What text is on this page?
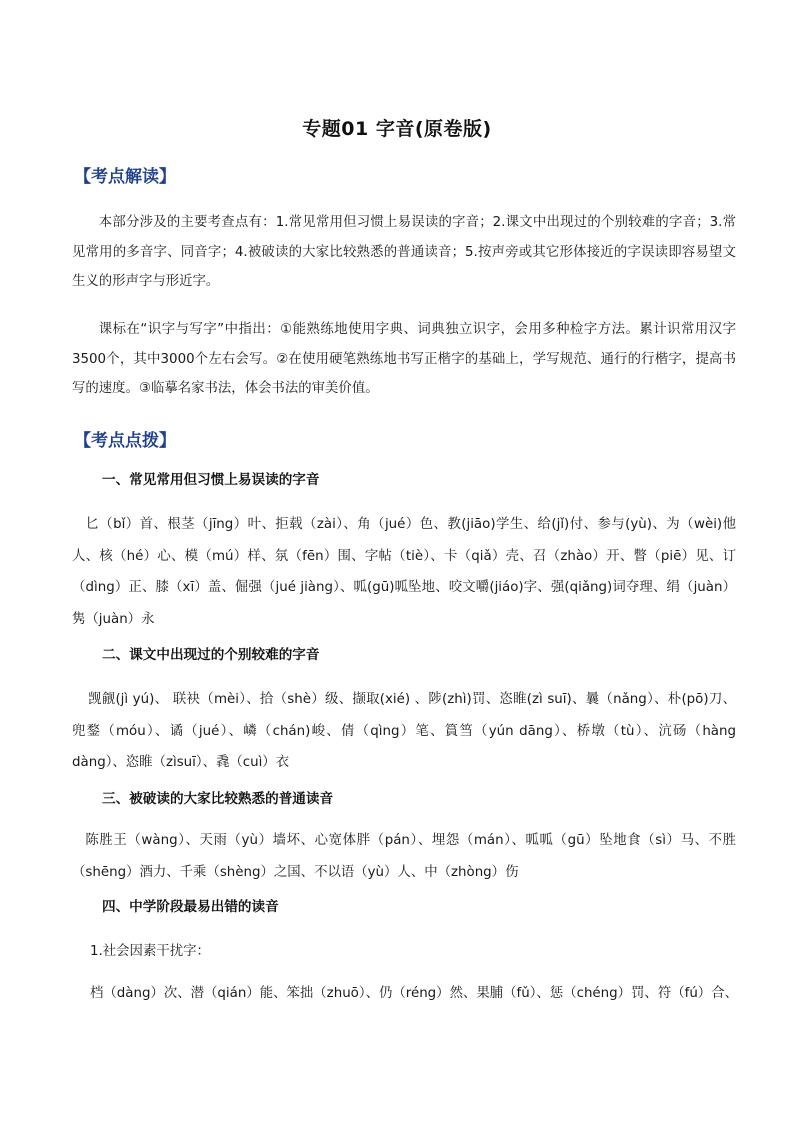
专题01 字音(原卷版)
【考点解读】
本部分涉及的主要考查点有：1.常见常用但习惯上易误读的字音；2.课文中出现过的个别较难的字音；3.常见常用的多音字、同音字；4.被破读的大家比较熟悉的普通读音；5.按声旁或其它形体接近的字误读即容易望文生义的形声字与形近字。
课标在“识字与写字”中指出：①能熟练地使用字典、词典独立识字，会用多种检字方法。累计识常用汉字3500个，其中3000个左右会写。②在使用硬笔熟练地书写正楷字的基础上，学写规范、通行的行楷字，提高书写的速度。③临摹名家书法，体会书法的审美价值。
【考点点拨】
一、常见常用但习惯上易误读的字音
匕（bǐ）首、根茎（jīng）叶、拒载（zài）、角（jué）色、教(jiāo)学生、给(jǐ)付、参与(yù)、为（wèi)他人、核（hé）心、模（mú）样、氛（fēn）围、字帖（tiè）、卡（qiǎ）壳、召（zhào）开、瞥（piē）见、订（dìng）正、膝（xī）盖、倔强（jué jiàng）、呱(gū)呱坠地、咬文嚼(jiáo)字、强(qiǎng)词夺理、绢（juàn） 隽（juàn）永
二、课文中出现过的个别较难的字音
觊觎(jì yú)、 联袂（mèi）、拾（shè）级、撷取(xié) 、陟(zhì)罚、恣睢(zì suī)、曩（nǎng）、朴(pō)刀、兜鍪（móu）、谲（jué）、嶙（chán)峻、倩（qìng）笔、篔筜（yún dāng）、桥墩（tù）、沆砀（hàng dàng）、恣睢（zìsuī）、毳（cuì）衣
三、被破读的大家比较熟悉的普通读音
陈胜王（wàng）、天雨（yù）墙坏、心宽体胖（pán）、埋怨（mán）、呱呱（gū）坠地食（sì）马、不胜（shēng）酒力、千乘（shèng）之国、不以语（yù）人、中（zhòng）伤
四、中学阶段最易出错的读音
1.社会因素干扰字：
档（dàng）次、潜（qián）能、笨拙（zhuō）、仍（réng）然、果脯（fǔ）、惩（chéng）罚、符（fú）合、
